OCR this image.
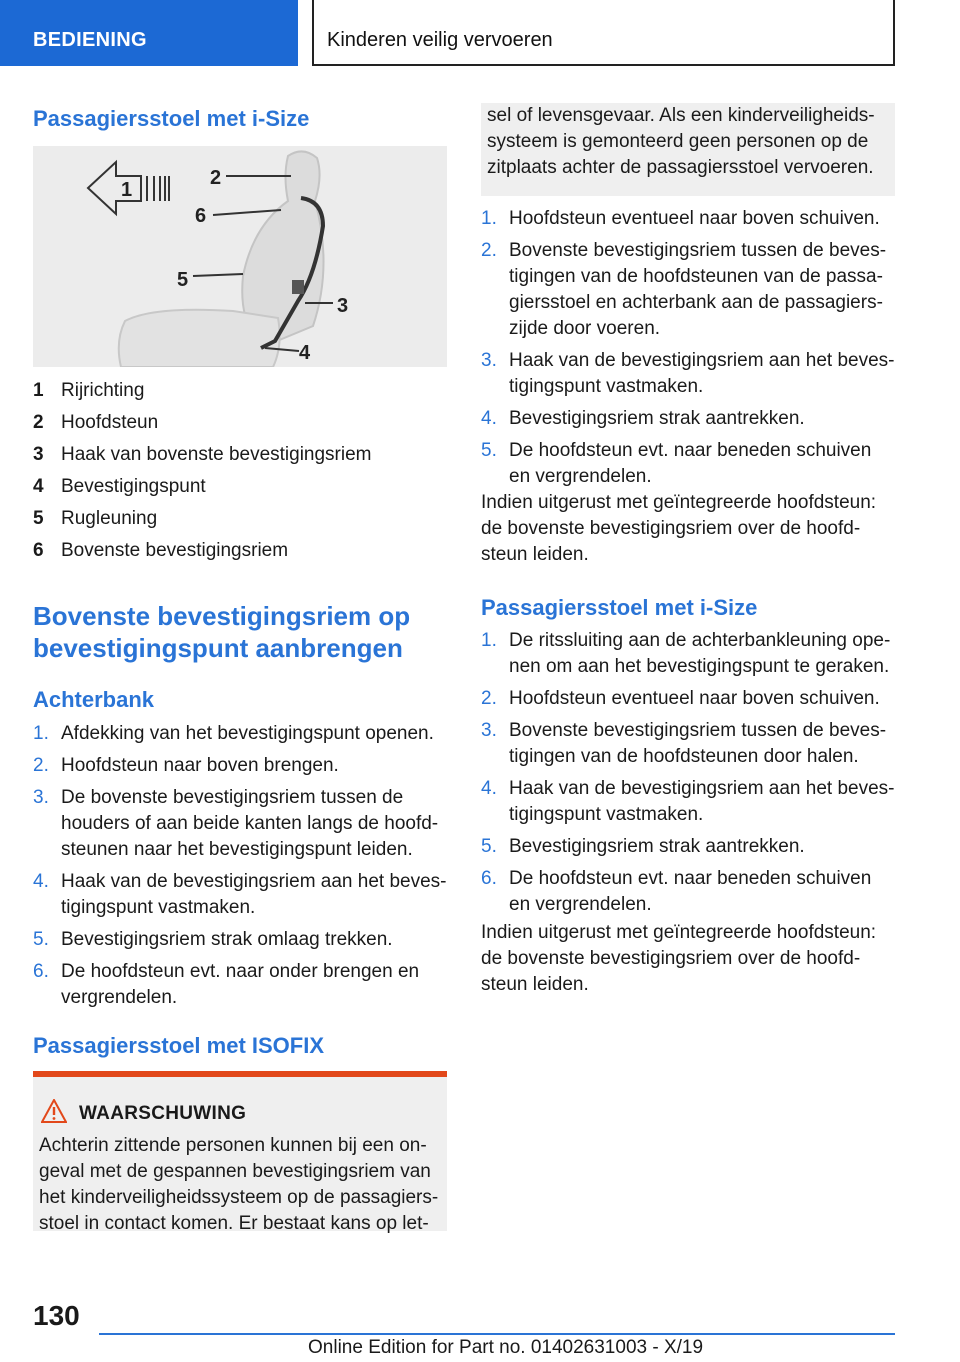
BEDIENING	Kinderen veilig vervoeren
Passagiersstoel met i-Size
1
2
3
4
5
6
1 Rijrichting
2 Hoofdsteun
3 Haak van bovenste bevestigingsriem
4 Bevestigingspunt
5 Rugleuning
6 Bovenste bevestigingsriem
Bovenste bevestigingsriem op
bevestigingspunt aanbrengen
Achterbank
1. Afdekking van het bevestigingspunt openen.
2. Hoofdsteun naar boven brengen.
3. De bovenste bevestigingsriem tussen de houders of aan beide kanten langs de hoofd-steunen naar het bevestigingspunt leiden.
4. Haak van de bevestigingsriem aan het beves-tigingspunt vastmaken.
5. Bevestigingsriem strak omlaag trekken.
6. De hoofdsteun evt. naar onder brengen en vergrendelen.
Passagiersstoel met ISOFIX
WAARSCHUWING
Achterin zittende personen kunnen bij een on-geval met de gespannen bevestigingsriem van het kinderveiligheidssysteem op de passagiers-stoel in contact komen. Er bestaat kans op let-
sel of levensgevaar. Als een kinderveiligheids-systeem is gemonteerd geen personen op de zitplaats achter de passagiersstoel vervoeren.
1. Hoofdsteun eventueel naar boven schuiven.
2. Bovenste bevestigingsriem tussen de beves-tigingen van de hoofdsteunen van de passa-giersstoel en achterbank aan de passagiers-zijde door voeren.
3. Haak van de bevestigingsriem aan het beves-tigingspunt vastmaken.
4. Bevestigingsriem strak aantrekken.
5. De hoofdsteun evt. naar beneden schuiven en vergrendelen.
Indien uitgerust met geïntegreerde hoofdsteun: de bovenste bevestigingsriem over de hoofd-steun leiden.
Passagiersstoel met i-Size
1. De ritssluiting aan de achterbankleuning ope-nen om aan het bevestigingspunt te geraken.
2. Hoofdsteun eventueel naar boven schuiven.
3. Bovenste bevestigingsriem tussen de beves-tigingen van de hoofdsteunen door halen.
4. Haak van de bevestigingsriem aan het beves-tigingspunt vastmaken.
5. Bevestigingsriem strak aantrekken.
6. De hoofdsteun evt. naar beneden schuiven en vergrendelen.
Indien uitgerust met geïntegreerde hoofdsteun: de bovenste bevestigingsriem over de hoofd-steun leiden.
130
Online Edition for Part no. 01402631003 - X/19
